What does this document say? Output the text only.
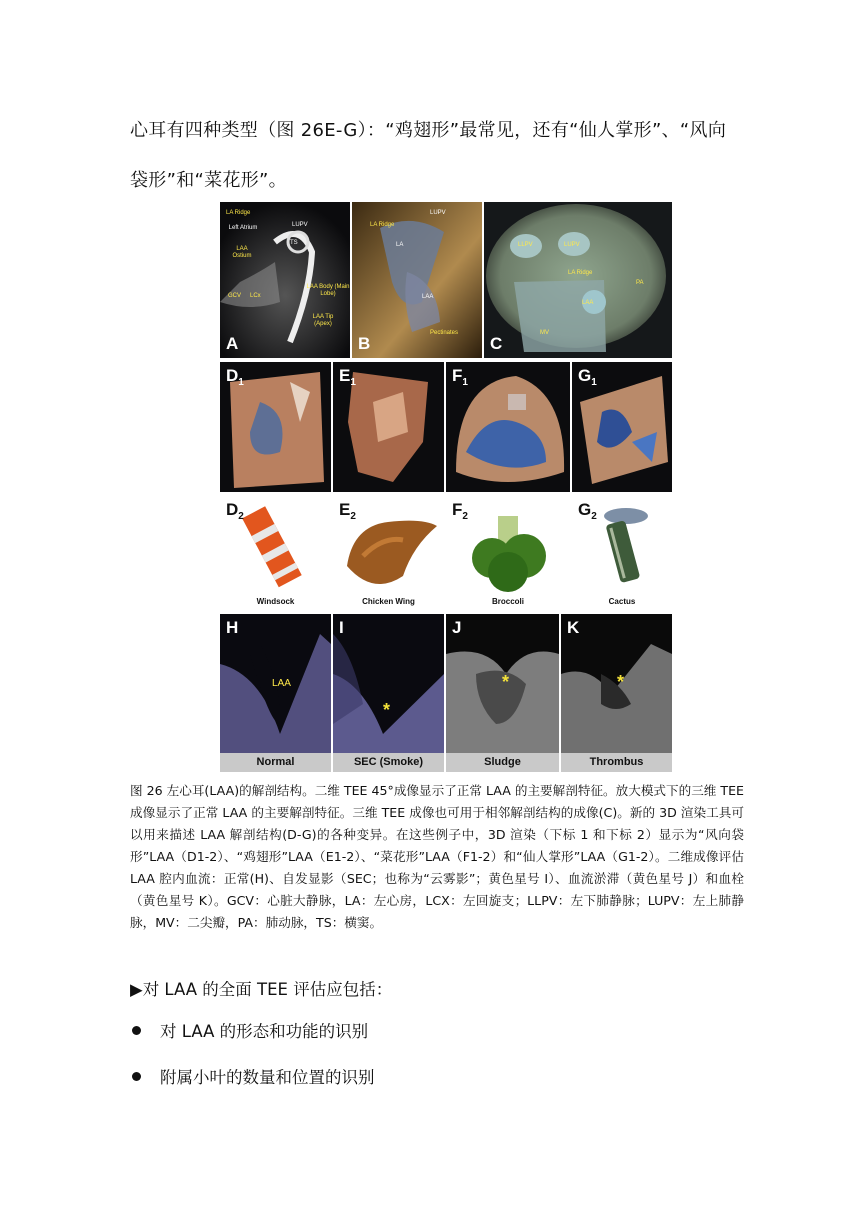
心耳有四种类型（图 26E-G）：“鸡翅形”最常见，还有“仙人掌形”、“风向袋形”和“菜花形”。
LA Ridge
LUPV
Left Atrium
TS
LAA Ostium
LAA Body (Main Lobe)
GCV LCx
LAA Tip (Apex)
A
LUPV
LA Ridge
LA
LAA
Pectinates
B
LLPV	LUPV
LA Ridge
LAA
PA
MV
C
$D_1$	$E_1$	$F_1$	$G_1$
$D_2$
Windsock
$E_2$
Chicken Wing
$F_2$
Broccoli
$G_2$
Cactus
LAA
H
Normal
*
I
SEC (Smoke)
*
J
Sludge
*
K
Thrombus
图 26 左心耳(LAA)的解剖结构。二维 TEE 45°成像显示了正常 LAA 的主要解剖特征。放大模式下的三维 TEE 成像显示了正常 LAA 的主要解剖特征。三维 TEE 成像也可用于相邻解剖结构的成像(C)。新的 3D 渲染工具可以用来描述 LAA 解剖结构(D-G)的各种变异。在这些例子中，3D 渲染（下标 1 和下标 2）显示为“风向袋形”LAA（D1-2）、“鸡翅形”LAA（E1-2）、“菜花形”LAA（F1-2）和“仙人掌形”LAA（G1-2）。二维成像评估 LAA 腔内血流：正常(H)、自发显影（SEC；也称为“云雾影”；黄色星号 I）、血流淤滞（黄色星号 J）和血栓（黄色星号 K）。GCV：心脏大静脉，LA：左心房，LCX：左回旋支；LLPV：左下肺静脉；LUPV：左上肺静脉，MV：二尖瓣，PA：肺动脉，TS：横窦。
▶对 LAA 的全面 TEE 评估应包括：
对 LAA 的形态和功能的识别
附属小叶的数量和位置的识别
